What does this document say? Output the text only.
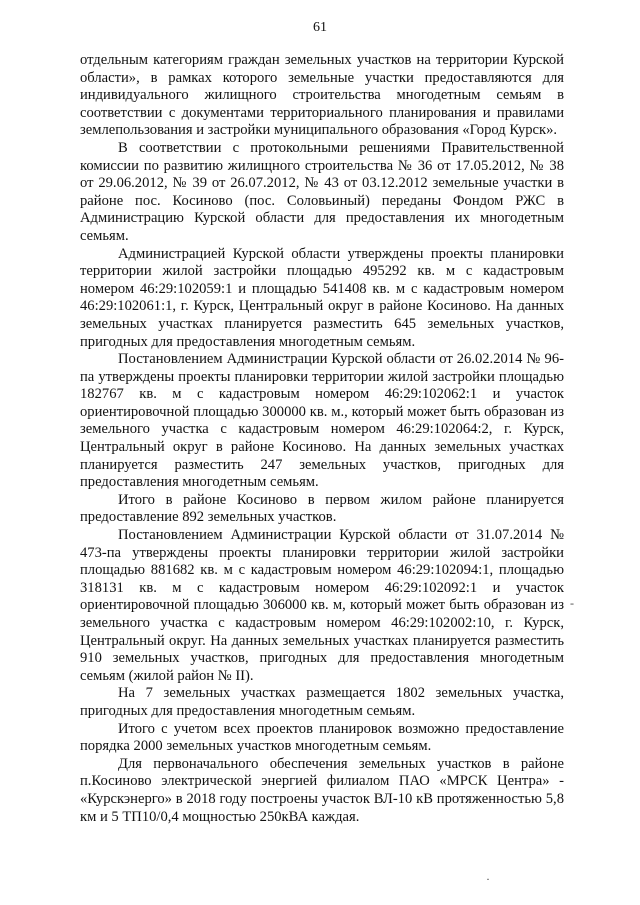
61

отдельным категориям граждан земельных участков на территории Курской области», в рамках которого земельные участки предоставляются для индивидуального жилищного строительства многодетным семьям в соответствии с документами территориального планирования и правилами землепользования и застройки муниципального образования «Город Курск».

В соответствии с протокольными решениями Правительственной комиссии по развитию жилищного строительства № 36 от 17.05.2012, № 38 от 29.06.2012, № 39 от 26.07.2012, № 43 от 03.12.2012 земельные участки в районе пос. Косиново (пос. Соловьиный) переданы Фондом РЖС в Администрацию Курской области для предоставления их многодетным семьям.

Администрацией Курской области утверждены проекты планировки территории жилой застройки площадью 495292 кв. м с кадастровым номером 46:29:102059:1 и площадью 541408 кв. м с кадастровым номером 46:29:102061:1, г. Курск, Центральный округ в районе Косиново. На данных земельных участках планируется разместить 645 земельных участков, пригодных для предоставления многодетным семьям.

Постановлением Администрации Курской области от 26.02.2014 № 96-па утверждены проекты планировки территории жилой застройки площадью 182767 кв. м с кадастровым номером 46:29:102062:1 и участок ориентировочной площадью 300000 кв. м., который может быть образован из земельного участка с кадастровым номером 46:29:102064:2, г. Курск, Центральный округ в районе Косиново. На данных земельных участках планируется разместить 247 земельных участков, пригодных для предоставления многодетным семьям.

Итого в районе Косиново в первом жилом районе планируется предоставление 892 земельных участков.

Постановлением Администрации Курской области от 31.07.2014 № 473-па утверждены проекты планировки территории жилой застройки площадью 881682 кв. м с кадастровым номером 46:29:102094:1, площадью 318131 кв. м с кадастровым номером 46:29:102092:1 и участок ориентировочной площадью 306000 кв. м, который может быть образован из земельного участка с кадастровым номером 46:29:102002:10, г. Курск, Центральный округ. На данных земельных участках планируется разместить 910 земельных участков, пригодных для предоставления многодетным семьям (жилой район № II).

На 7 земельных участках размещается 1802 земельных участка, пригодных для предоставления многодетным семьям.

Итого с учетом всех проектов планировок возможно предоставление порядка 2000 земельных участков многодетным семьям.

Для первоначального обеспечения земельных участков в районе п.Косиново электрической энергией филиалом ПАО «МРСК Центра» - «Курскэнерго» в 2018 году построены участок ВЛ-10 кВ протяженностью 5,8 км и 5 ТП10/0,4 мощностью 250кВА каждая.

-
·
